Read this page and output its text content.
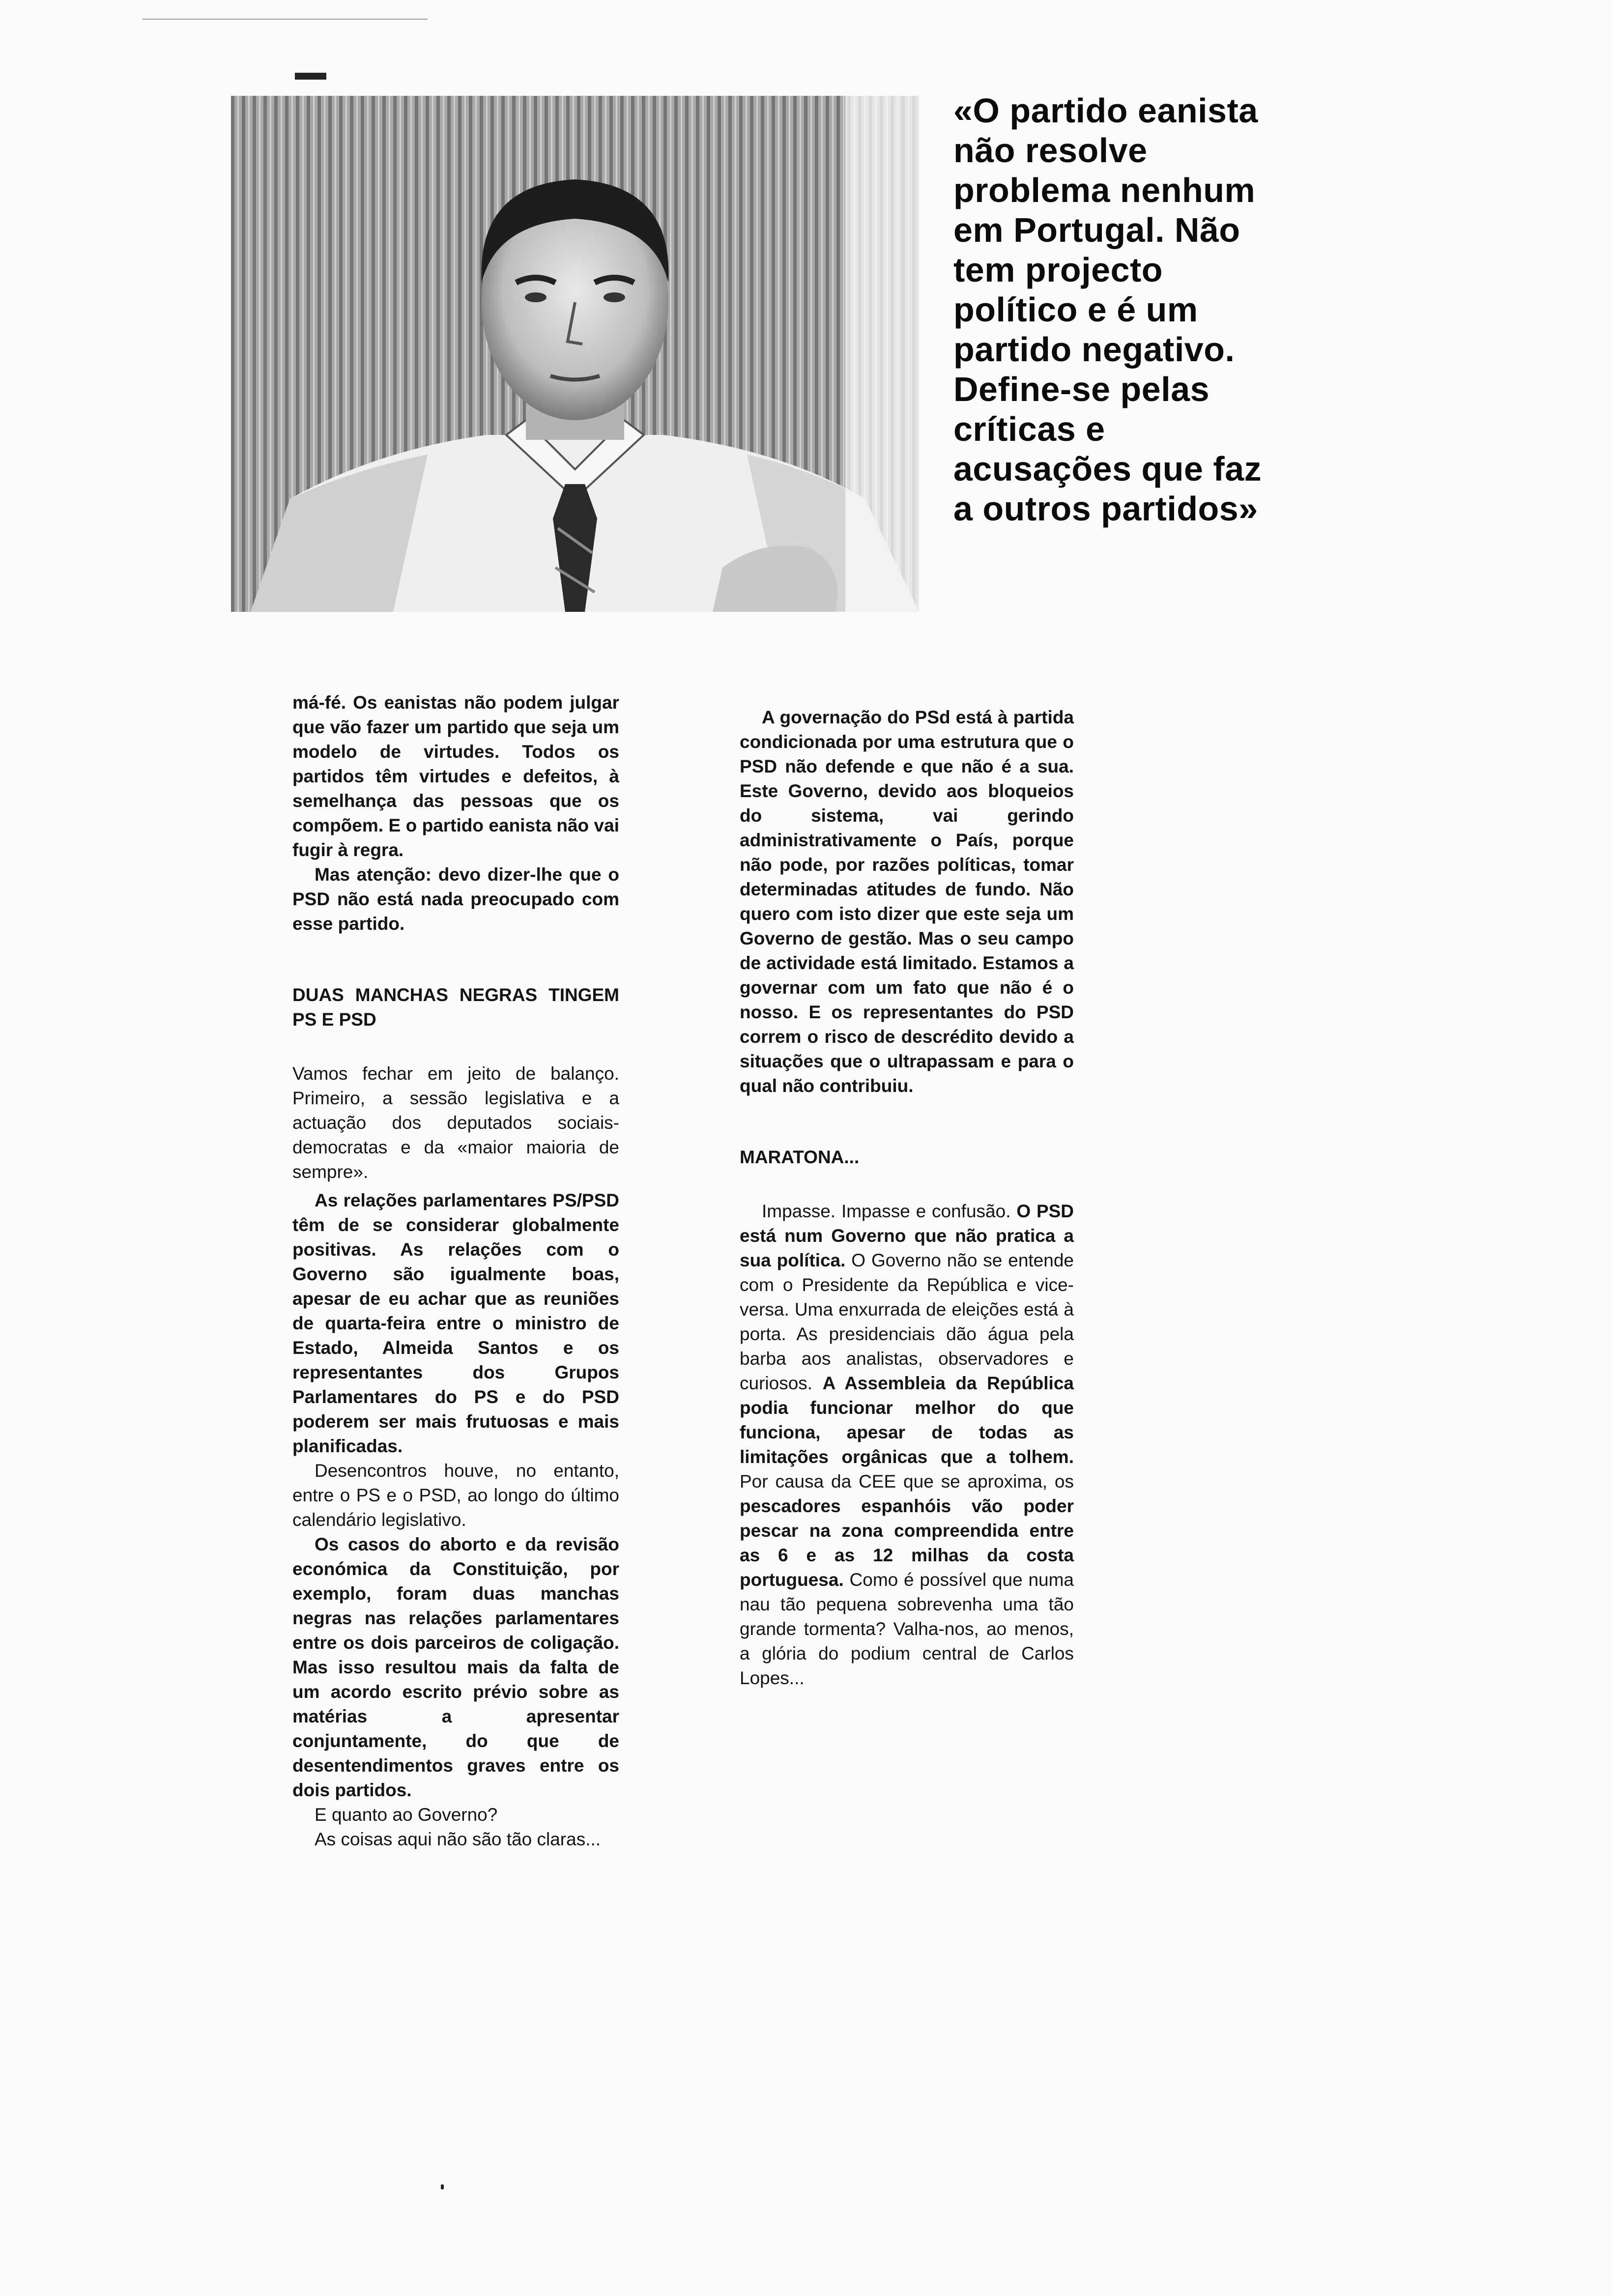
«O partido eanista não resolve problema nenhum em Portugal. Não tem projecto político e é um partido negativo. Define-se pelas críticas e acusações que faz a outros partidos»

má-fé. Os eanistas não podem julgar que vão fazer um partido que seja um modelo de virtudes. Todos os partidos têm virtudes e defeitos, à semelhança das pessoas que os compõem. E o partido eanista não vai fugir à regra.

Mas atenção: devo dizer-lhe que o PSD não está nada preocupado com esse partido.

DUAS MANCHAS NEGRAS TINGEM PS E PSD

Vamos fechar em jeito de balanço. Primeiro, a sessão legislativa e a actuação dos deputados sociais-democratas e da «maior maioria de sempre».

As relações parlamentares PS/PSD têm de se considerar globalmente positivas. As relações com o Governo são igualmente boas, apesar de eu achar que as reuniões de quarta-feira entre o ministro de Estado, Almeida Santos e os representantes dos Grupos Parlamentares do PS e do PSD poderem ser mais frutuosas e mais planificadas.

Desencontros houve, no entanto, entre o PS e o PSD, ao longo do último calendário legislativo.

Os casos do aborto e da revisão económica da Constituição, por exemplo, foram duas manchas negras nas relações parlamentares entre os dois parceiros de coligação. Mas isso resultou mais da falta de um acordo escrito prévio sobre as matérias a apresentar conjuntamente, do que de desentendimentos graves entre os dois partidos.

E quanto ao Governo?

As coisas aqui não são tão claras...

A governação do PSd está à partida condicionada por uma estrutura que o PSD não defende e que não é a sua. Este Governo, devido aos bloqueios do sistema, vai gerindo administrativamente o País, porque não pode, por razões políticas, tomar determinadas atitudes de fundo. Não quero com isto dizer que este seja um Governo de gestão. Mas o seu campo de actividade está limitado. Estamos a governar com um fato que não é o nosso. E os representantes do PSD correm o risco de descrédito devido a situações que o ultrapassam e para o qual não contribuiu.

MARATONA...

Impasse. Impasse e confusão. O PSD está num Governo que não pratica a sua política. O Governo não se entende com o Presidente da República e vice-versa. Uma enxurrada de eleições está à porta. As presidenciais dão água pela barba aos analistas, observadores e curiosos. A Assembleia da República podia funcionar melhor do que funciona, apesar de todas as limitações orgânicas que a tolhem. Por causa da CEE que se aproxima, os pescadores espanhóis vão poder pescar na zona compreendida entre as 6 e as 12 milhas da costa portuguesa. Como é possível que numa nau tão pequena sobrevenha uma tão grande tormenta? Valha-nos, ao menos, a glória do podium central de Carlos Lopes...
